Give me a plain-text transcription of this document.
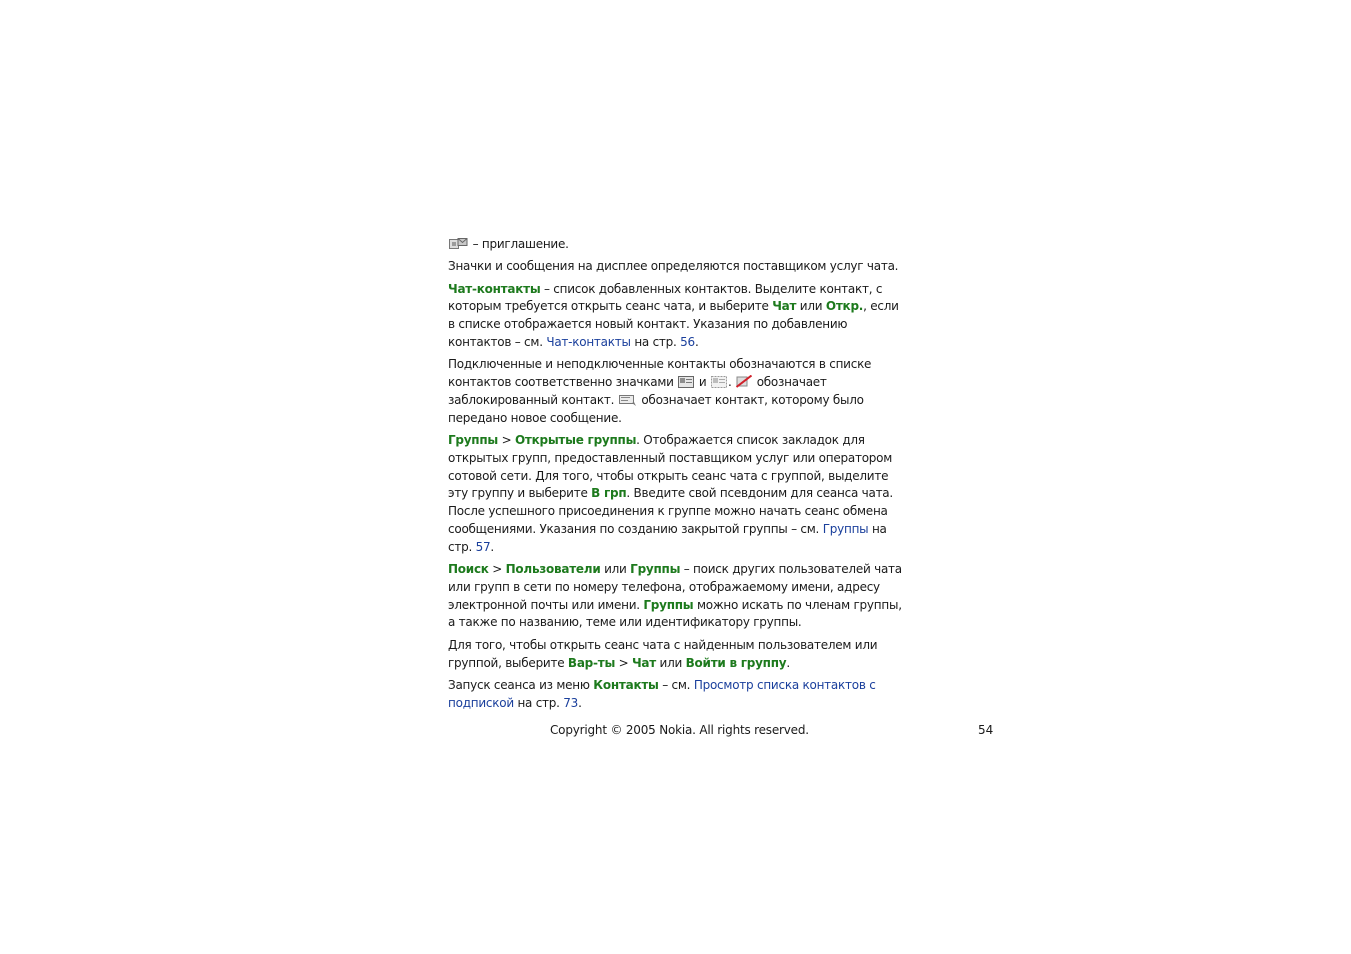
– приглашение.

Значки и сообщения на дисплее определяются поставщиком услуг чата.

Чат-контакты – список добавленных контактов. Выделите контакт, с которым требуется открыть сеанс чата, и выберите Чат или Откр., если в списке отображается новый контакт. Указания по добавлению контактов – см. Чат-контакты на стр. 56.

Подключенные и неподключенные контакты обозначаются в списке контактов соответственно значками  и .  обозначает заблокированный контакт.  обозначает контакт, которому было передано новое сообщение.

Группы > Открытые группы. Отображается список закладок для открытых групп, предоставленный поставщиком услуг или оператором сотовой сети. Для того, чтобы открыть сеанс чата с группой, выделите эту группу и выберите В грп. Введите свой псевдоним для сеанса чата. После успешного присоединения к группе можно начать сеанс обмена сообщениями. Указания по созданию закрытой группы – см. Группы на стр. 57.

Поиск > Пользователи или Группы – поиск других пользователей чата или групп в сети по номеру телефона, отображаемому имени, адресу электронной почты или имени. Группы можно искать по членам группы, а также по названию, теме или идентификатору группы.

Для того, чтобы открыть сеанс чата с найденным пользователем или группой, выберите Вар-ты > Чат или Войти в группу.

Запуск сеанса из меню Контакты – см. Просмотр списка контактов с подпиской на стр. 73.

Copyright © 2005 Nokia. All rights reserved.	54
